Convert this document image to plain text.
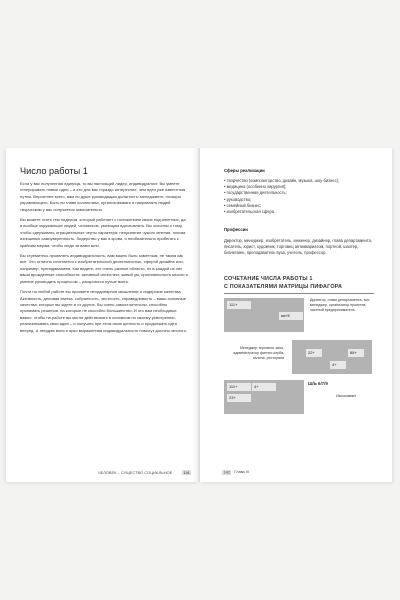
Число работы 1

Если у вас полученная единица, то вы настоящий лидер, индивидуалист. Вы умеете генерировать новые идеи – и это для вас гораздо интереснее, чем идти уже известным путем. Вероятнее всего, вам по душе руководящая должность: менеджмент, позиция управляющего. Быть во главе коллектива, организовывать и направлять людей творческим у вас получается замечательно.

Вы можете стать тем лидером, который работает с положением своих подчиненных, да и вообще окружающих людей, человеком, умеющим вдохновлять. Вы склонны к тому, чтобы сдерживать отрицательные черты характера: непринятие чужого мнения, эгоизм, излишнюю самоуверенность. Лидерство у вас в крови, и необязательно прибегать к крайним мерам, чтобы люди за вами шли.

Вы стремитесь проявлять индивидуальность, вам важно быть заметным, не таким как все. Это отлично сочетается с изобретательской деятельностью, сферой дизайна или, например, преподаванием. Как видите, это очень разные области, но в каждой из них ваши врожденные способности: активный интеллект, живой ум, оригинальность мысли и умение руководить процессом – раскроются лучше всего.

Почти на любой работе вы проявите неординарное мышление и лидерские качества. Активность, деловая хватка, собранность, честность, справедливость – ваши основные качества, которых вы ждете и от других. Вы очень самостоятельны, способны принимать решения, на которые не способно большинство. И это вам необходимо: важно, чтобы на работе вы могли действовать в основном по своему усмотрению, реализовывать свои идеи – и получать при этом свою ценность и продолжать идти вперед. А твердая воля и ярко выраженная индивидуальность помогут достичь многого.

ЧЕЛОВЕК – СУЩЕСТВО СОЦИАЛЬНОЕ	141
Сферы реализации
• творчество (композиторство, дизайн, музыка, шоу-бизнес);
• медицина (особенно хирургия);
• государственная деятельность;
• руководство;
• семейный бизнес;
• изобретательская сфера.
Профессии
Директор, менеджер, изобретатель, инженер, дизайнер, глава департамента, писатель, юрист, художник, торговец антиквариатом, портной, шахтер, бизнесмен, преподаватель вуза, учитель, профессор.
СОЧЕТАНИЕ ЧИСЛА РАБОТЫ 1
С ПОКАЗАТЕЛЯМИ МАТРИЦЫ ПИФАГОРА
111+
мит/б
Директор, глава департамента, топ-менеджер, организатор проектов, частный предприниматель
Менеджер торгового зала, администратор фитнес-клуба, салона, ресторана
22+	88+
4+
111+	4+
23+
Ш/Ь 6/7/9
Изоскоммат
142 Глава III
